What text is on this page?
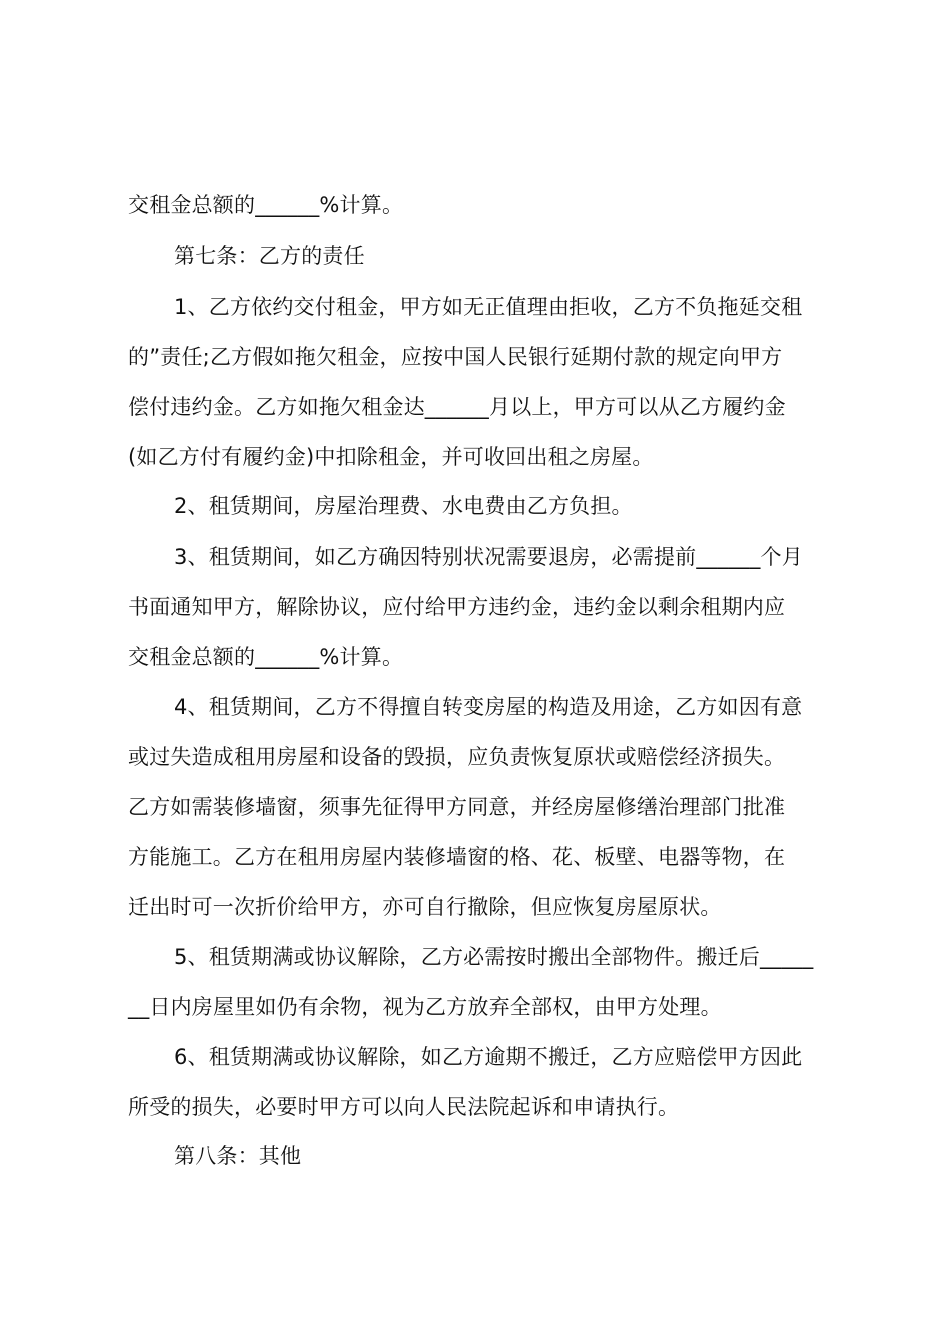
交租金总额的______%计算。
第七条：乙方的责任
1、乙方依约交付租金，甲方如无正值理由拒收，乙方不负拖延交租
的”责任;乙方假如拖欠租金，应按中国人民银行延期付款的规定向甲方
偿付违约金。乙方如拖欠租金达______月以上，甲方可以从乙方履约金
(如乙方付有履约金)中扣除租金，并可收回出租之房屋。
2、租赁期间，房屋治理费、水电费由乙方负担。
3、租赁期间，如乙方确因特别状况需要退房，必需提前______个月
书面通知甲方，解除协议，应付给甲方违约金，违约金以剩余租期内应
交租金总额的______%计算。
4、租赁期间，乙方不得擅自转变房屋的构造及用途，乙方如因有意
或过失造成租用房屋和设备的毁损，应负责恢复原状或赔偿经济损失。
乙方如需装修墙窗，须事先征得甲方同意，并经房屋修缮治理部门批准
方能施工。乙方在租用房屋内装修墙窗的格、花、板壁、电器等物，在
迁出时可一次折价给甲方，亦可自行撤除，但应恢复房屋原状。
5、租赁期满或协议解除，乙方必需按时搬出全部物件。搬迁后_____
__日内房屋里如仍有余物，视为乙方放弃全部权，由甲方处理。
6、租赁期满或协议解除，如乙方逾期不搬迁，乙方应赔偿甲方因此
所受的损失，必要时甲方可以向人民法院起诉和申请执行。
第八条：其他
